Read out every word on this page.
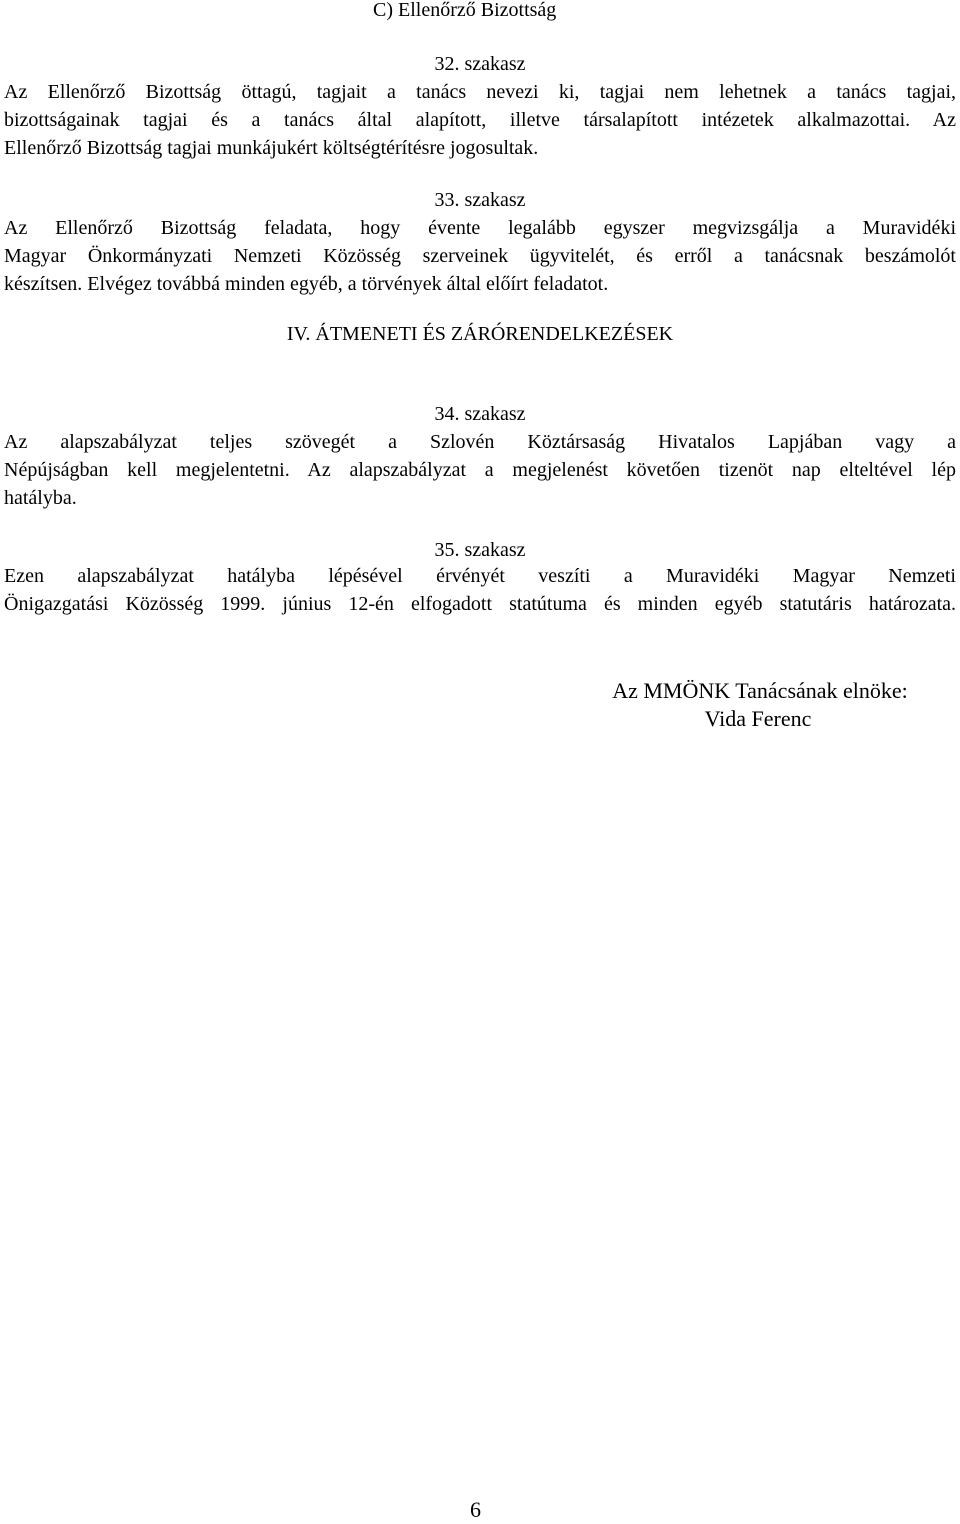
C) Ellenőrző Bizottság
32. szakasz
Az Ellenőrző Bizottság öttagú, tagjait a tanács nevezi ki, tagjai nem lehetnek a tanács tagjai,
bizottságainak tagjai és a tanács által alapított, illetve társalapított intézetek alkalmazottai. Az
Ellenőrző Bizottság tagjai munkájukért költségtérítésre jogosultak.
33. szakasz
Az Ellenőrző Bizottság feladata, hogy évente legalább egyszer megvizsgálja a Muravidéki
Magyar Önkormányzati Nemzeti Közösség szerveinek ügyvitelét, és erről a tanácsnak beszámolót
készítsen. Elvégez továbbá minden egyéb, a törvények által előírt feladatot.
IV. ÁTMENETI ÉS ZÁRÓRENDELKEZÉSEK
34. szakasz
Az alapszabályzat teljes szövegét a Szlovén Köztársaság Hivatalos Lapjában vagy a
Népújságban kell megjelentetni. Az alapszabályzat a megjelenést követően tizenöt nap elteltével lép
hatályba.
35. szakasz
Ezen alapszabályzat hatályba lépésével érvényét veszíti a Muravidéki Magyar Nemzeti
Önigazgatási Közösség 1999. június 12-én elfogadott statútuma és minden egyéb statutáris határozata.
Az MMÖNK Tanácsának elnöke:
Vida Ferenc
6
